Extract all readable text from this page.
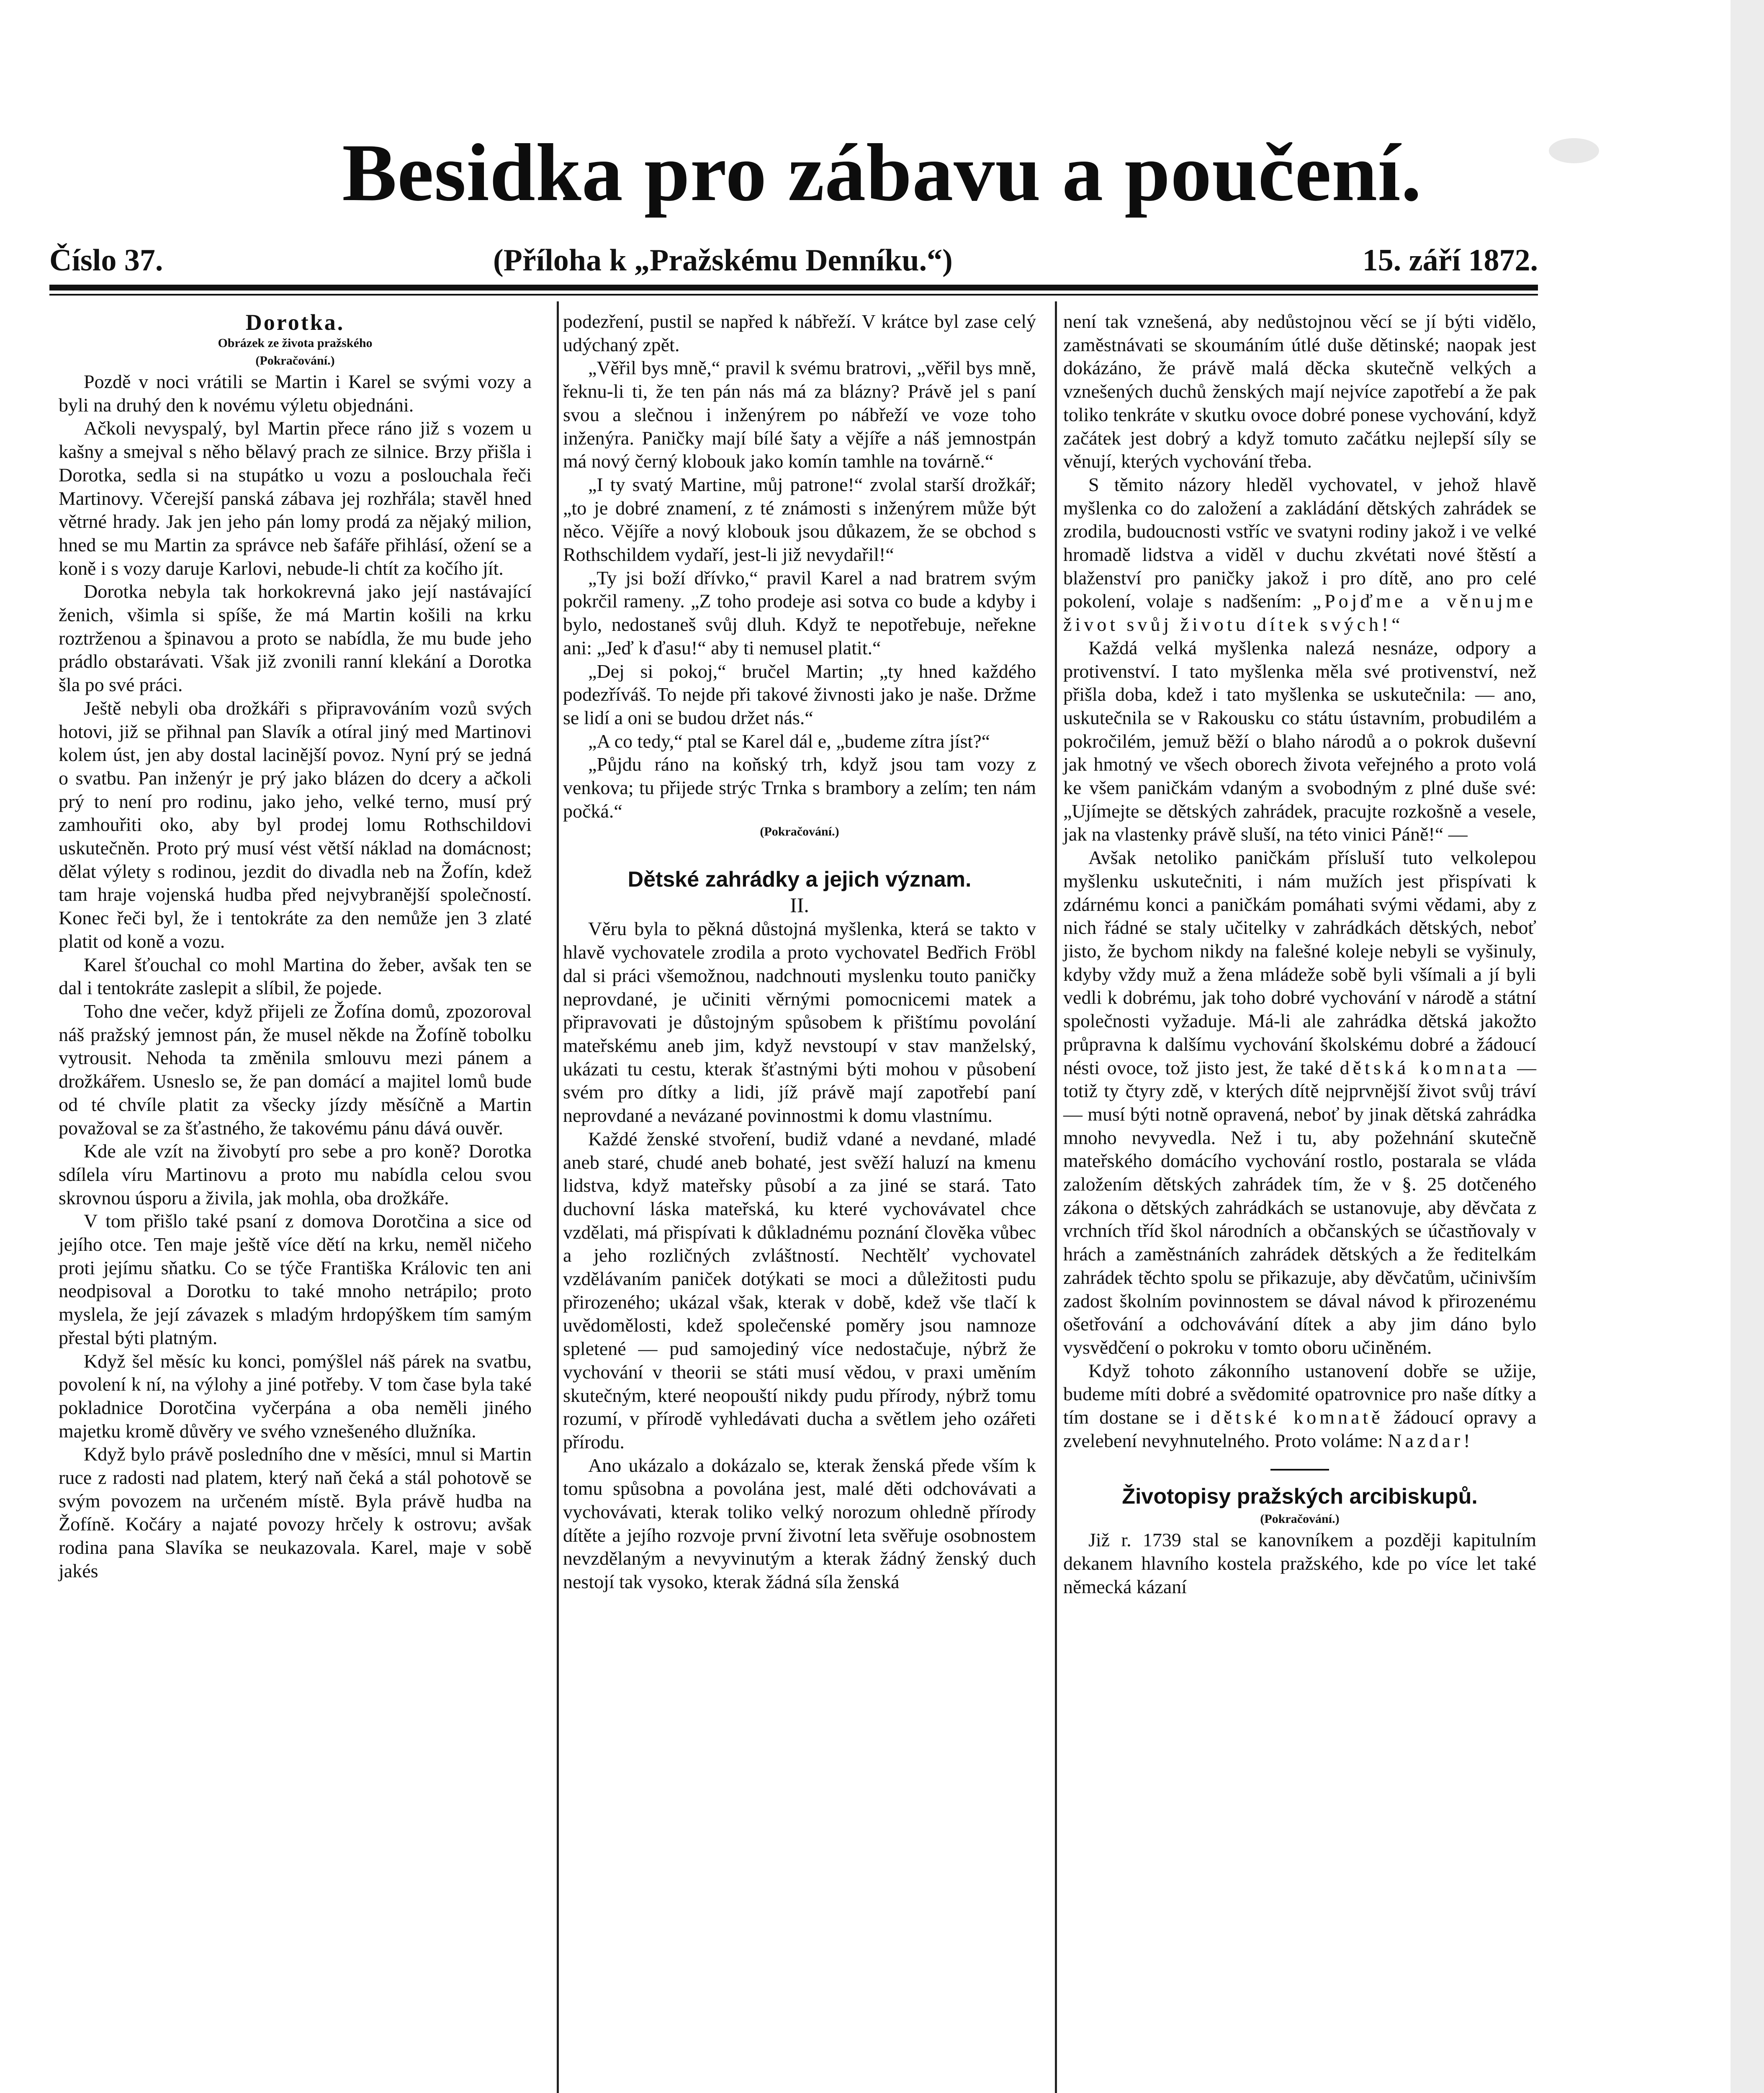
Besidka pro zábavu a poučení.
Číslo 37.	(Příloha k „Pražskému Denníku.“)	15. září 1872.
Dorotka.
Obrázek ze života pražského
(Pokračování.)

Pozdě v noci vrátili se Martin i Karel se svými vozy a byli na druhý den k novému výletu objednáni.

Ačkoli nevyspalý, byl Martin přece ráno již s vozem u kašny a smejval s něho bělavý prach ze silnice. Brzy přišla i Dorotka, sedla si na stupátko u vozu a poslouchala řeči Martinovy. Včerejší panská zábava jej rozhřála; stavěl hned větrné hrady. Jak jen jeho pán lomy prodá za nějaký milion, hned se mu Martin za správce neb šafáře přihlásí, ožení se a koně i s vozy daruje Karlovi, nebude-li chtít za kočího jít.

Dorotka nebyla tak horkokrevná jako její nastávající ženich, všimla si spíše, že má Martin košili na krku roztrženou a špinavou a proto se nabídla, že mu bude jeho prádlo obstarávati. Však již zvonili ranní klekání a Dorotka šla po své práci.

Ještě nebyli oba drožkáři s připravováním vozů svých hotovi, již se přihnal pan Slavík a otíral jiný med Martinovi kolem úst, jen aby dostal lacinější povoz. Nyní prý se jedná o svatbu. Pan inženýr je prý jako blázen do dcery a ačkoli prý to není pro rodinu, jako jeho, velké terno, musí prý zamhouřiti oko, aby byl prodej lomu Rothschildovi uskutečněn. Proto prý musí vést větší náklad na domácnost; dělat výlety s rodinou, jezdit do divadla neb na Žofín, kdež tam hraje vojenská hudba před nejvybranější společností. Konec řeči byl, že i tentokráte za den nemůže jen 3 zlaté platit od koně a vozu.

Karel šťouchal co mohl Martina do žeber, avšak ten se dal i tentokráte zaslepit a slíbil, že pojede.

Toho dne večer, když přijeli ze Žofína domů, zpozoroval náš pražský jemnost pán, že musel někde na Žofíně tobolku vytrousit. Nehoda ta změnila smlouvu mezi pánem a drožkářem. Usneslo se, že pan domácí a majitel lomů bude od té chvíle platit za všecky jízdy měsíčně a Martin považoval se za šťastného, že takovému pánu dává ouvěr.

Kde ale vzít na živobytí pro sebe a pro koně? Dorotka sdílela víru Martinovu a proto mu nabídla celou svou skrovnou úsporu a živila, jak mohla, oba drožkáře.

V tom přišlo také psaní z domova Dorotčina a sice od jejího otce. Ten maje ještě více dětí na krku, neměl ničeho proti jejímu sňatku. Co se týče Františka Královiс ten ani neodpisoval a Dorotku to také mnoho netrápilo; proto myslela, že její závazek s mladým hrdopýškem tím samým přestal býti platným.

Když šel měsíc ku konci, pomýšlel náš párek na svatbu, povolení k ní, na výlohy a jiné potřeby. V tom čase byla také pokladnice Dorotčina vyčerpána a oba neměli jiného majetku kromě důvěry ve svého vznešeného dlužníka.

Když bylo právě posledního dne v měsíci, mnul si Martin ruce z radosti nad platem, který naň čeká a stál pohotově se svým povozem na určeném místě. Byla právě hudba na Žofíně. Kočáry a najaté povozy hrčely k ostrovu; avšak rodina pana Slavíka se neukazovala. Karel, maje v sobě jakés

podezření, pustil se napřed k nábřeží. V krátce byl zase celý udýchaný zpět.

„Věřil bys mně,“ pravil k svému bratrovi, „věřil bys mně, řeknu-li ti, že ten pán nás má za blázny? Právě jel s paní svou a slečnou i inženýrem po nábřeží ve voze toho inženýra. Paničky mají bílé šaty a vějíře a náš jemnostpán má nový černý klobouk jako komín tamhle na továrně.“

„I ty svatý Martine, můj patrone!“ zvolal starší drožkář; „to je dobré znamení, z té známosti s inženýrem může být něco. Vějíře a nový klobouk jsou důkazem, že se obchod s Rothschildem vydaří, jest-li již nevydařil!“

„Ty jsi boží dřívko,“ pravil Karel a nad bratrem svým pokrčil rameny. „Z toho prodeje asi sotva co bude a kdyby i bylo, nedostaneš svůj dluh. Když te nepotřebuje, neřekne ani: „Jeď k ďasu!“ aby ti nemusel platit.“

„Dej si pokoj,“ bručel Martin; „ty hned každého podezříváš. To nejde při takové živnosti jako je naše. Držme se lidí a oni se budou držet nás.“

„A co tedy,“ ptal se Karel dál e, „budeme zítra jíst?“

„Půjdu ráno na koňský trh, když jsou tam vozy z venkova; tu přijede strýc Trnka s brambory a zelím; ten nám počká.“

(Pokračování.)
Dětské zahrádky a jejich význam.
II.

Věru byla to pěkná důstojná myšlenka, která se takto v hlavě vychovatele zrodila a proto vychovatel Bedřich Fröbl dal si práci všemožnou, nadchnouti myslenku touto paničky neprovdané, je učiniti věrnými pomocnicemi matek a připravovati je důstojným spůsobem k přištímu povolání mateřskému aneb jim, když nevstoupí v stav manželský, ukázati tu cestu, kterak šťastnými býti mohou v působení svém pro dítky a lidi, jíž právě mají zapotřebí paní neprovdané a nevázané povinnostmi k domu vlastnímu.

Každé ženské stvoření, budiž vdané a nevdané, mladé aneb staré, chudé aneb bohaté, jest svěží haluzí na kmenu lidstva, když mateřsky působí a za jiné se stará. Tato duchovní láska mateřská, ku které vychovávatel chce vzdělati, má přispívati k důkladnému poznání člověka vůbec a jeho rozličných zvláštností. Nechtělť vychovatel vzdělávaním paniček dotýkati se moci a důležitosti pudu přirozeného; ukázal však, kterak v době, kdež vše tlačí k uvědomělosti, kdež společenské poměry jsou namnoze spletené — pud samojediný více nedostačuje, nýbrž že vychování v theorii se státi musí vědou, v praxi uměním skutečným, které neopouští nikdy pudu přírody, nýbrž tomu rozumí, v přírodě vyhledávati ducha a světlem jeho ozářeti přírodu.

Ano ukázalo a dokázalo se, kterak ženská předе vším k tomu spůsobna a povolána jest, malé děti odchovávati a vychovávati, kterak toliko velký norozum ohledně přírody dítěte a jejího rozvoje první životní leta svěřuje osobnostem nevzdělaným a nevyvinutým a kterak žádný ženský duch nestojí tak vysoko, kterak žádná síla ženská

není tak vznešená, aby nedůstojnou věcí se jí býti vidělo, zaměstnávati se skoumáním útlé duše dětinské; naopak jest dokázáno, že právě malá děcka skutečně velkých a vznešených duchů ženských mají nejvíce zapotřebí a že pak toliko tenkráte v skutku ovoce dobré ponese vychování, když začátek jest dobrý a když tomuto začátku nejlepší síly se věnují, kterých vychování třeba.

S těmito názory hleděl vychovatel, v jehož hlavě myšlenka co do založení a zakládání dětských zahrádek se zrodila, budoucnosti vstříc ve svatyni rodiny jakož i ve velké hromadě lidstva a viděl v duchu zkvétati nové štěstí a blaženství pro paničky jakož i pro dítě, ano pro celé pokolení, volaje s nadšením: „Pojďme a věnujme život svůj životu dítek svých!“

Každá velká myšlenka nalezá nesnáze, odpory a protivenství. I tato myšlenka měla své protivenství, než přišla doba, kdež i tato myšlenka se uskutečnila: — ano, uskutečnila se v Rakousku co státu ústavním, probudilém a pokročilém, jemuž běží o blaho národů a o pokrok duševní jak hmotný ve všech oborech života veřejného a proto volá ke všem paničkám vdaným a svobodným z plné duše své: „Ujímejte se dětských zahrádek, pracujte rozkošně a vesele, jak na vlastenky právě sluší, na této vinici Páně!“ —

Avšak netoliko paničkám přísluší tuto velkolepou myšlenku uskutečniti, i nám mužích jest přispívati k zdárnému konci a paničkám pomáhati svými vědami, aby z nich řádné se staly učitelky v zahrádkách dětských, neboť jisto, že bychom nikdy na falešné koleje nebyli se vyšinuly, kdyby vždy muž a žena mládeže sobě byli všímali a jí byli vedli k dobrému, jak toho dobré vychování v národě a státní společnosti vyžaduje. Má-li ale zahrádka dětská jakožto průpravna k dalšímu vychování školskému dobré a žádoucí nésti ovoce, tož jisto jest, že také dětská komnata — totiž ty čtyry zdě, v kterých dítě nejprvnější život svůj tráví — musí býti notně opravená, neboť by jinak dětská zahrádka mnoho nevyvedla. Než i tu, aby požehnání skutečně mateřského domácího vychování rostlo, postarala se vláda založením dětských zahrádek tím, že v §. 25 dotčeného zákona o dětských zahrádkách se ustanovuje, aby děvčata z vrchních tříd škol národních a občanských se účastňovaly v hrách a zaměstnáních zahrádek dětských a že ředitelkám zahrádek těchto spolu se přikazuje, aby děvčatům, učinivším zadost školním povinnostem se dával návod k přirozenému ošetřování a odchovávání dítek a aby jim dáno bylo vysvědčení o pokroku v tomto oboru učiněném.

Když tohoto zákonního ustanovení dobře se užije, budeme míti dobré a svědomité opatrovnice pro naše dítky a tím dostane se i dětské komnatě žádoucí opravy a zvelebení nevyhnutelného. Proto voláme: Nazdar!

Životopisy pražských arcibiskupů.
(Pokračování.)

Již r. 1739 stal se kanovníkem a později kapitulním dekanem hlavního kostela pražského, kde po více let také německá kázaní
